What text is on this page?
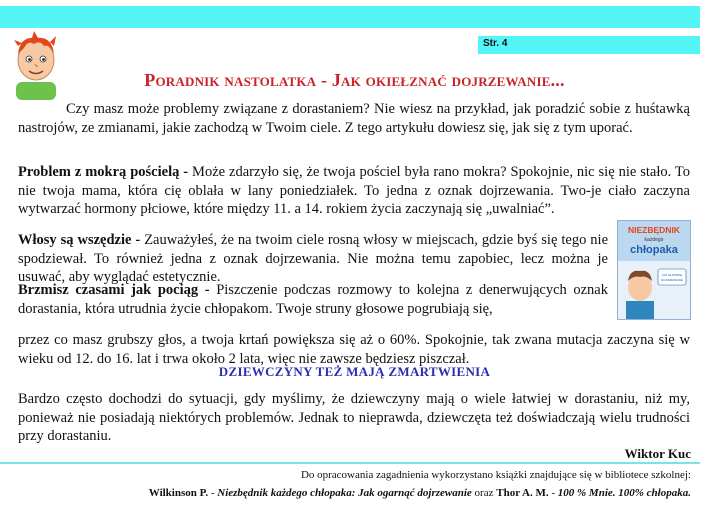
Str. 4
Poradnik nastolatka - Jak okiełznać dojrzewanie...

Czy masz może problemy związane z dorastaniem? Nie wiesz na przykład, jak poradzić sobie z huśtawką nastrojów, ze zmianami, jakie zachodzą w Twoim ciele. Z tego artykułu dowiesz się, jak się z tym uporać.

Problem z mokrą pościelą - Może zdarzyło się, że twoja pościel była rano mokra? Spokojnie, nic się nie stało. To nie twoja mama, która cię oblała w lany poniedziałek. To jedna z oznak dojrzewania. Two-je ciało zaczyna wytwarzać hormony płciowe, które między 11. a 14. rokiem życia zaczynają się „uwalniać”.

Włosy są wszędzie - Zauważyłeś, że na twoim ciele rosną włosy w miejscach, gdzie byś się tego nie spodziewał. To również jedna z oznak dojrzewania. Nie można temu zapobiec, lecz można je usuwać, aby wyglądać estetycznie.

Brzmisz czasami jak pociąg - Piszczenie podczas rozmowy to kolejna z denerwujących oznak dorastania, która utrudnia życie chłopakom. Twoje struny głosowe pogrubiają się,

przez co masz grubszy głos, a twoja krtań powiększa się aż o 60%. Spokojnie, tak zwana mutacja zaczyna się w wieku od 12. do 16. lat i trwa około 2 lata, więc nie zawsze będziesz piszczał.

NIEZBĘDNIK
każdego
chłopaka
100 GŁOWNIE
DOJRZEWANIE
DZIEWCZYNY TEŻ MAJĄ ZMARTWIENIA

Bardzo często dochodzi do sytuacji, gdy myślimy, że dziewczyny mają o wiele łatwiej w dorastaniu, niż my, ponieważ nie posiadają niektórych problemów. Jednak to nieprawda, dziewczęta też doświadczają wielu trudności przy dorastaniu.

Wiktor Kuc
Do opracowania zagadnienia wykorzystano książki znajdujące się w bibliotece szkolnej:
Wilkinson P. - Niezbędnik każdego chłopaka: Jak ogarnąć dojrzewanie oraz Thor A. M. - 100 % Mnie. 100% chłopaka.
